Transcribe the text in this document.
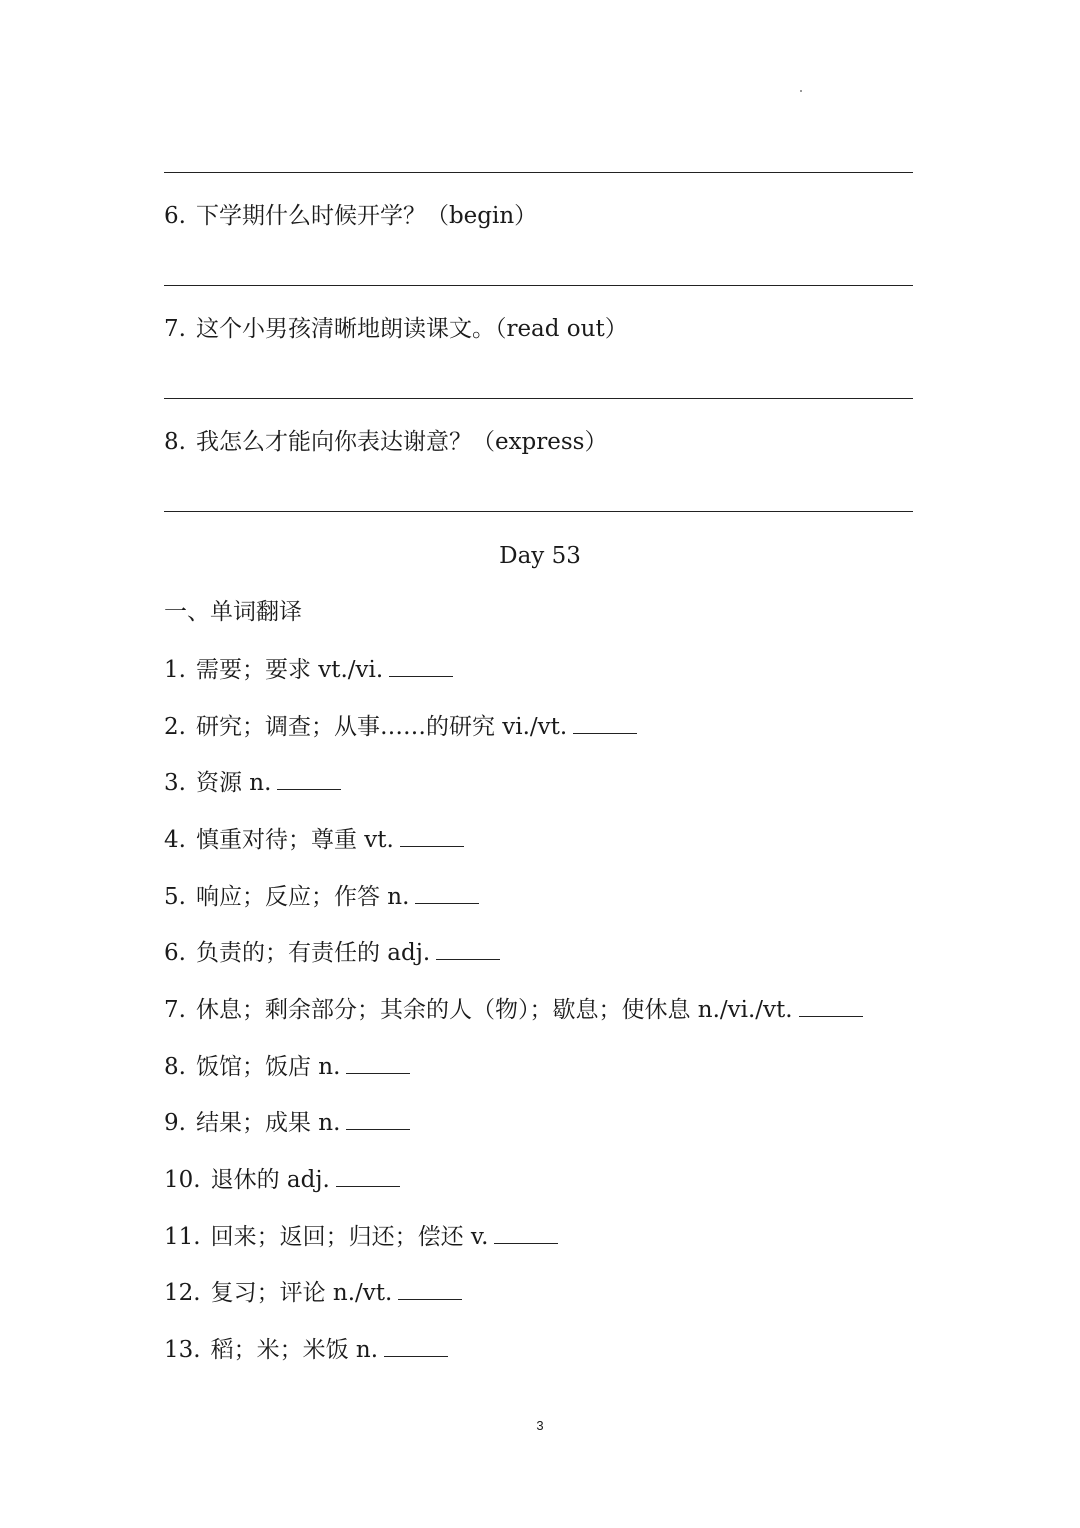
6. 下学期什么时候开学？（begin）
7. 这个小男孩清晰地朗读课文。（read out）
8. 我怎么才能向你表达谢意？（express）
Day 53
一、单词翻译
1. 需要；要求 vt./vi.
2. 研究；调查；从事……的研究 vi./vt.
3. 资源 n.
4. 慎重对待；尊重 vt.
5. 响应；反应；作答 n.
6. 负责的；有责任的 adj.
7. 休息；剩余部分；其余的人（物）；歇息；使休息 n./vi./vt.
8. 饭馆；饭店 n.
9. 结果；成果 n.
10. 退休的 adj.
11. 回来；返回；归还；偿还 v.
12. 复习；评论 n./vt.
13. 稻；米；米饭 n.
3
